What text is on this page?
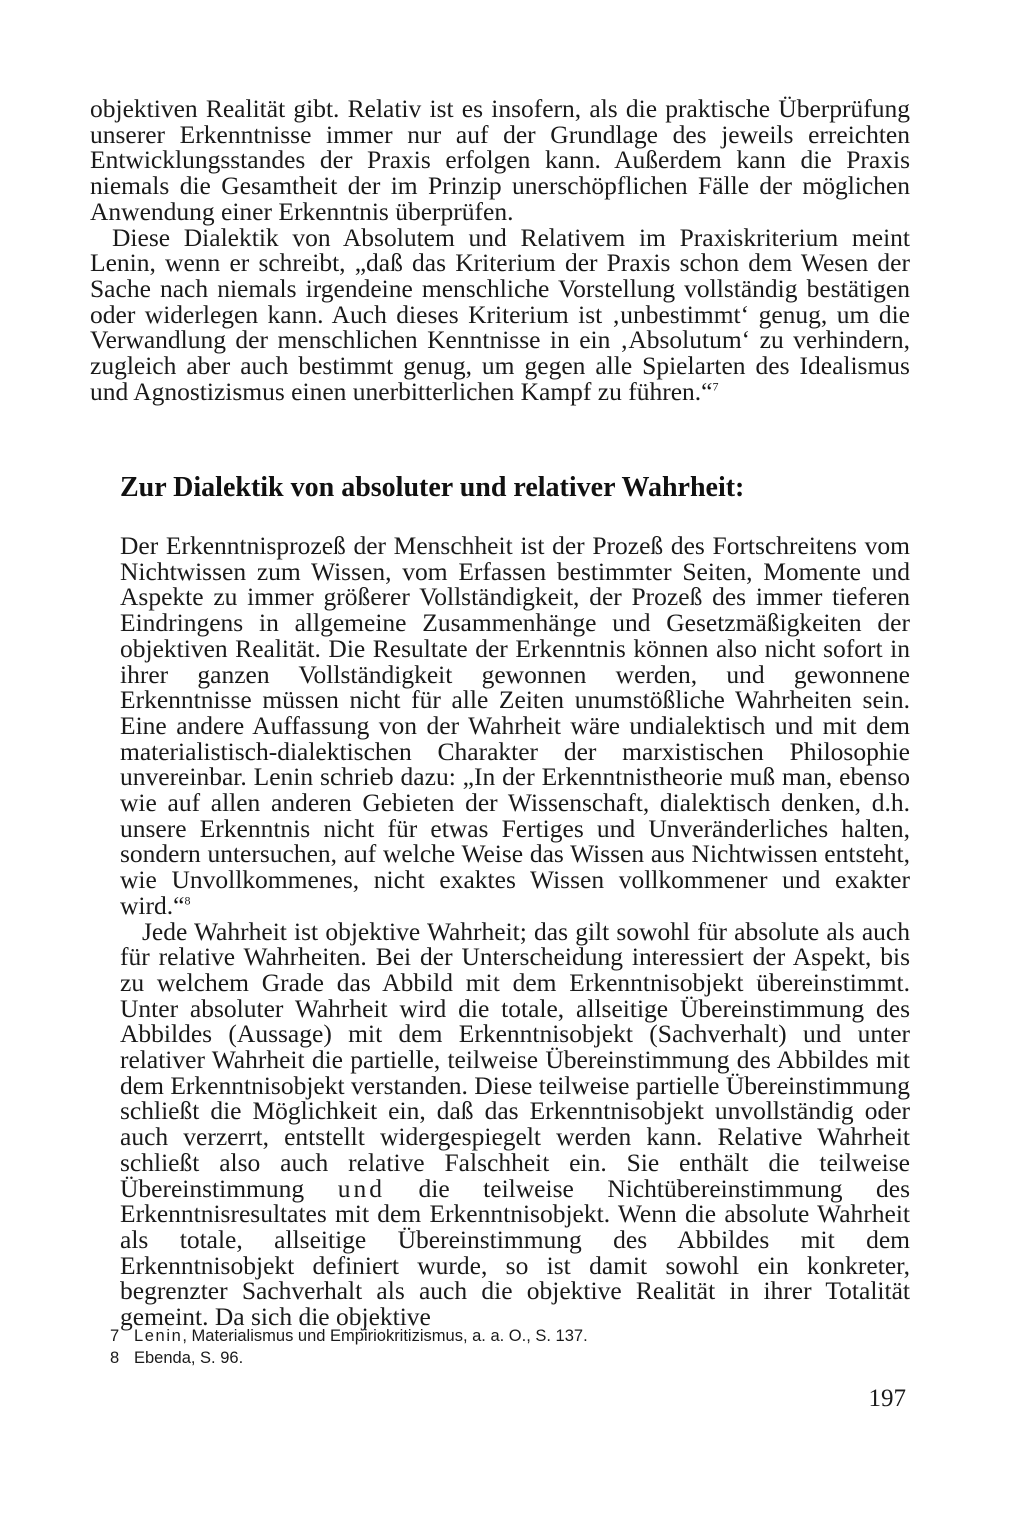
objektiven Realität gibt. Relativ ist es insofern, als die praktische Überprüfung unserer Erkenntnisse immer nur auf der Grundlage des jeweils erreichten Entwicklungsstandes der Praxis erfolgen kann. Außerdem kann die Praxis niemals die Gesamtheit der im Prinzip unerschöpflichen Fälle der möglichen Anwendung einer Erkenntnis überprüfen.

Diese Dialektik von Absolutem und Relativem im Praxiskriterium meint Lenin, wenn er schreibt, „daß das Kriterium der Praxis schon dem Wesen der Sache nach niemals irgendeine menschliche Vorstellung vollständig bestätigen oder widerlegen kann. Auch dieses Kriterium ist ‚unbestimmt‘ genug, um die Verwandlung der menschlichen Kenntnisse in ein ‚Absolutum‘ zu verhindern, zugleich aber auch bestimmt genug, um gegen alle Spielarten des Idealismus und Agnostizismus einen unerbitterlichen Kampf zu führen.“$^7$

Zur Dialektik von absoluter und relativer Wahrheit:

Der Erkenntnisprozeß der Menschheit ist der Prozeß des Fortschreitens vom Nichtwissen zum Wissen, vom Erfassen bestimmter Seiten, Momente und Aspekte zu immer größerer Vollständigkeit, der Prozeß des immer tieferen Eindringens in allgemeine Zusammenhänge und Gesetzmäßigkeiten der objektiven Realität. Die Resultate der Erkenntnis können also nicht sofort in ihrer ganzen Vollständigkeit gewonnen werden, und gewonnene Erkenntnisse müssen nicht für alle Zeiten unumstößliche Wahrheiten sein. Eine andere Auffassung von der Wahrheit wäre undialektisch und mit dem materialistisch-dialektischen Charakter der marxistischen Philosophie unvereinbar. Lenin schrieb dazu: „In der Erkenntnistheorie muß man, ebenso wie auf allen anderen Gebieten der Wissenschaft, dialektisch denken, d.h. unsere Erkenntnis nicht für etwas Fertiges und Unveränderliches halten, sondern untersuchen, auf welche Weise das Wissen aus Nichtwissen entsteht, wie Unvollkommenes, nicht exaktes Wissen vollkommener und exakter wird.“$^8$

Jede Wahrheit ist objektive Wahrheit; das gilt sowohl für absolute als auch für relative Wahrheiten. Bei der Unterscheidung interessiert der Aspekt, bis zu welchem Grade das Abbild mit dem Erkenntnisobjekt übereinstimmt. Unter absoluter Wahrheit wird die totale, allseitige Übereinstimmung des Abbildes (Aussage) mit dem Erkenntnisobjekt (Sachverhalt) und unter relativer Wahrheit die partielle, teilweise Übereinstimmung des Abbildes mit dem Erkenntnisobjekt verstanden. Diese teilweise partielle Übereinstimmung schließt die Möglichkeit ein, daß das Erkenntnisobjekt unvollständig oder auch verzerrt, entstellt widergespiegelt werden kann. Relative Wahrheit schließt also auch relative Falschheit ein. Sie enthält die teilweise Übereinstimmung und die teilweise Nichtübereinstimmung des Erkenntnisresultates mit dem Erkenntnisobjekt. Wenn die absolute Wahrheit als totale, allseitige Übereinstimmung des Abbildes mit dem Erkenntnisobjekt definiert wurde, so ist damit sowohl ein konkreter, begrenzter Sachverhalt als auch die objektive Realität in ihrer Totalität gemeint. Da sich die objektive

7 Lenin, Materialismus und Empiriokritizismus, a. a. O., S. 137.

8 Ebenda, S. 96.

197
